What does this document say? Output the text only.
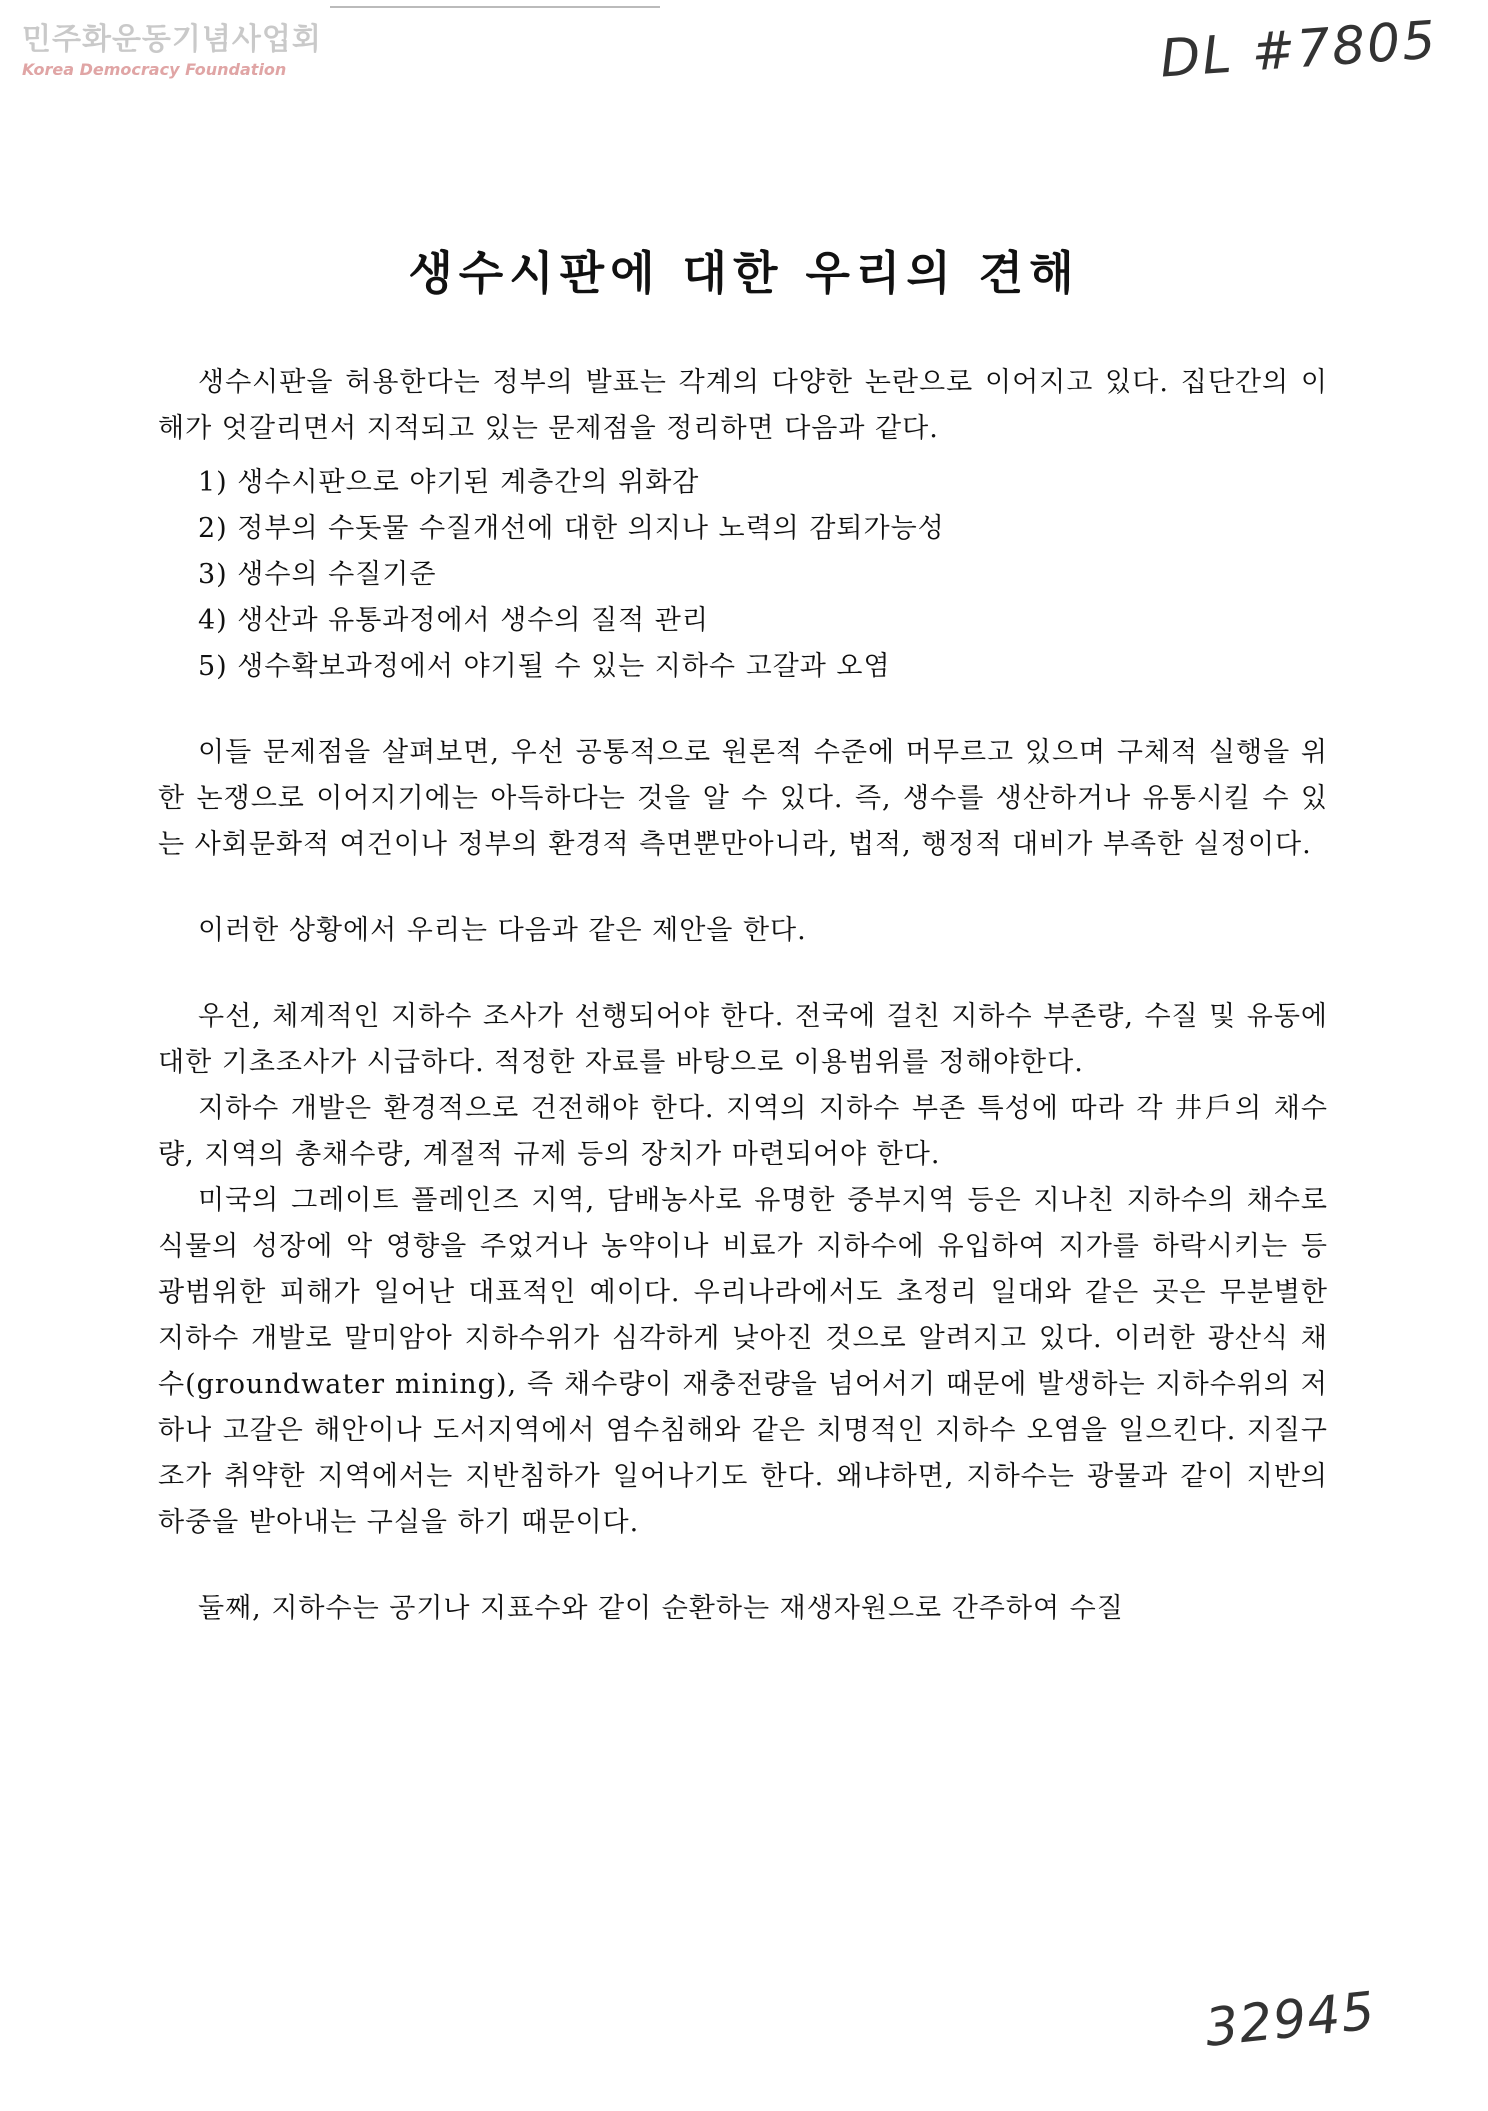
민주화운동기념사업회
Korea Democracy Foundation	DL #7805
생수시판에 대한 우리의 견해

생수시판을 허용한다는 정부의 발표는 각계의 다양한 논란으로 이어지고 있다. 집단간의 이해가 엇갈리면서 지적되고 있는 문제점을 정리하면 다음과 같다.

1) 생수시판으로 야기된 계층간의 위화감

2) 정부의 수돗물 수질개선에 대한 의지나 노력의 감퇴가능성

3) 생수의 수질기준

4) 생산과 유통과정에서 생수의 질적 관리

5) 생수확보과정에서 야기될 수 있는 지하수 고갈과 오염

이들 문제점을 살펴보면, 우선 공통적으로 원론적 수준에 머무르고 있으며 구체적 실행을 위한 논쟁으로 이어지기에는 아득하다는 것을 알 수 있다. 즉, 생수를 생산하거나 유통시킬 수 있는 사회문화적 여건이나 정부의 환경적 측면뿐만아니라, 법적, 행정적 대비가 부족한 실정이다.

이러한 상황에서 우리는 다음과 같은 제안을 한다.

우선, 체계적인 지하수 조사가 선행되어야 한다. 전국에 걸친 지하수 부존량, 수질 및 유동에 대한 기초조사가 시급하다. 적정한 자료를 바탕으로 이용범위를 정해야한다.

지하수 개발은 환경적으로 건전해야 한다. 지역의 지하수 부존 특성에 따라 각 井戶의 채수량, 지역의 총채수량, 계절적 규제 등의 장치가 마련되어야 한다.

미국의 그레이트 플레인즈 지역, 담배농사로 유명한 중부지역 등은 지나친 지하수의 채수로 식물의 성장에 악 영향을 주었거나 농약이나 비료가 지하수에 유입하여 지가를 하락시키는 등 광범위한 피해가 일어난 대표적인 예이다. 우리나라에서도 초정리 일대와 같은 곳은 무분별한 지하수 개발로 말미암아 지하수위가 심각하게 낮아진 것으로 알려지고 있다. 이러한 광산식 채수(groundwater mining), 즉 채수량이 재충전량을 넘어서기 때문에 발생하는 지하수위의 저하나 고갈은 해안이나 도서지역에서 염수침해와 같은 치명적인 지하수 오염을 일으킨다. 지질구조가 취약한 지역에서는 지반침하가 일어나기도 한다. 왜냐하면, 지하수는 광물과 같이 지반의 하중을 받아내는 구실을 하기 때문이다.

둘째, 지하수는 공기나 지표수와 같이 순환하는 재생자원으로 간주하여 수질

32945
